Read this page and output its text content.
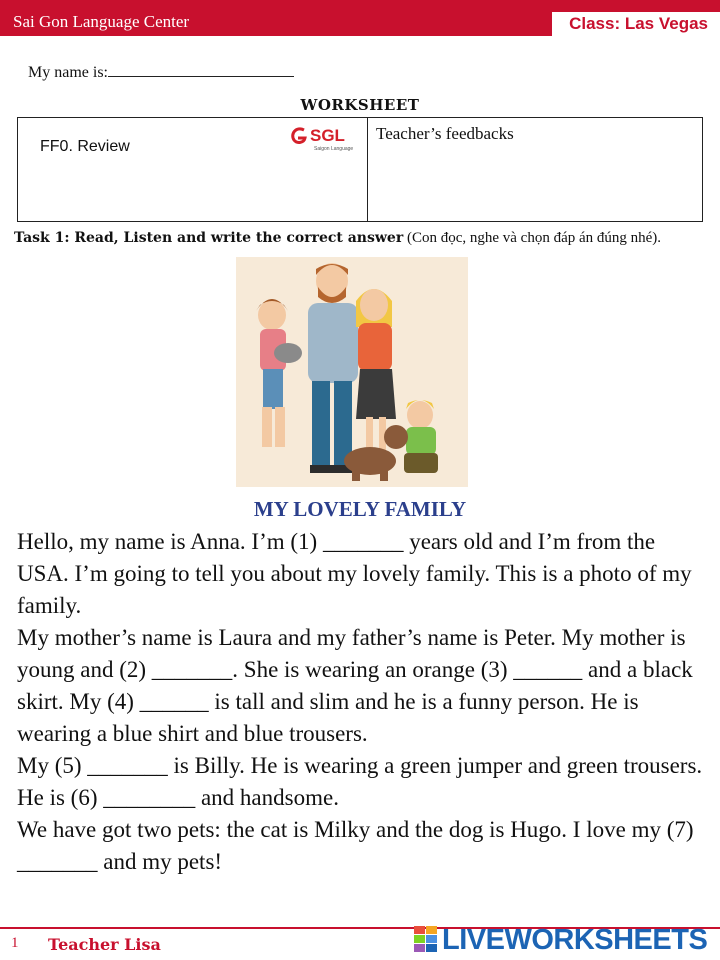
Sai Gon Language Center	Class: Las Vegas
My name is:
WORKSHEET
FF0. Review
SGL
Saigon Language
Teacher’s feedbacks
Task 1: Read, Listen and write the correct answer (Con đọc, nghe và chọn đáp án đúng nhé).
MY LOVELY FAMILY

Hello, my name is Anna. I’m (1) _______ years old and I’m from the USA. I’m going to tell you about my lovely family. This is a photo of my family.

My mother’s name is Laura and my father’s name is Peter. My mother is young and (2) _______. She is wearing an orange (3) ______ and a black skirt. My (4) ______ is tall and slim and he is a funny person. He is wearing a blue shirt and blue trousers.

My (5) _______ is Billy. He is wearing a green jumper and green trousers. He is (6) ________ and handsome.

We have got two pets: the cat is Milky and the dog is Hugo. I love my (7) _______ and my pets!

1 Teacher Lisa	LIVEWORKSHEETS
